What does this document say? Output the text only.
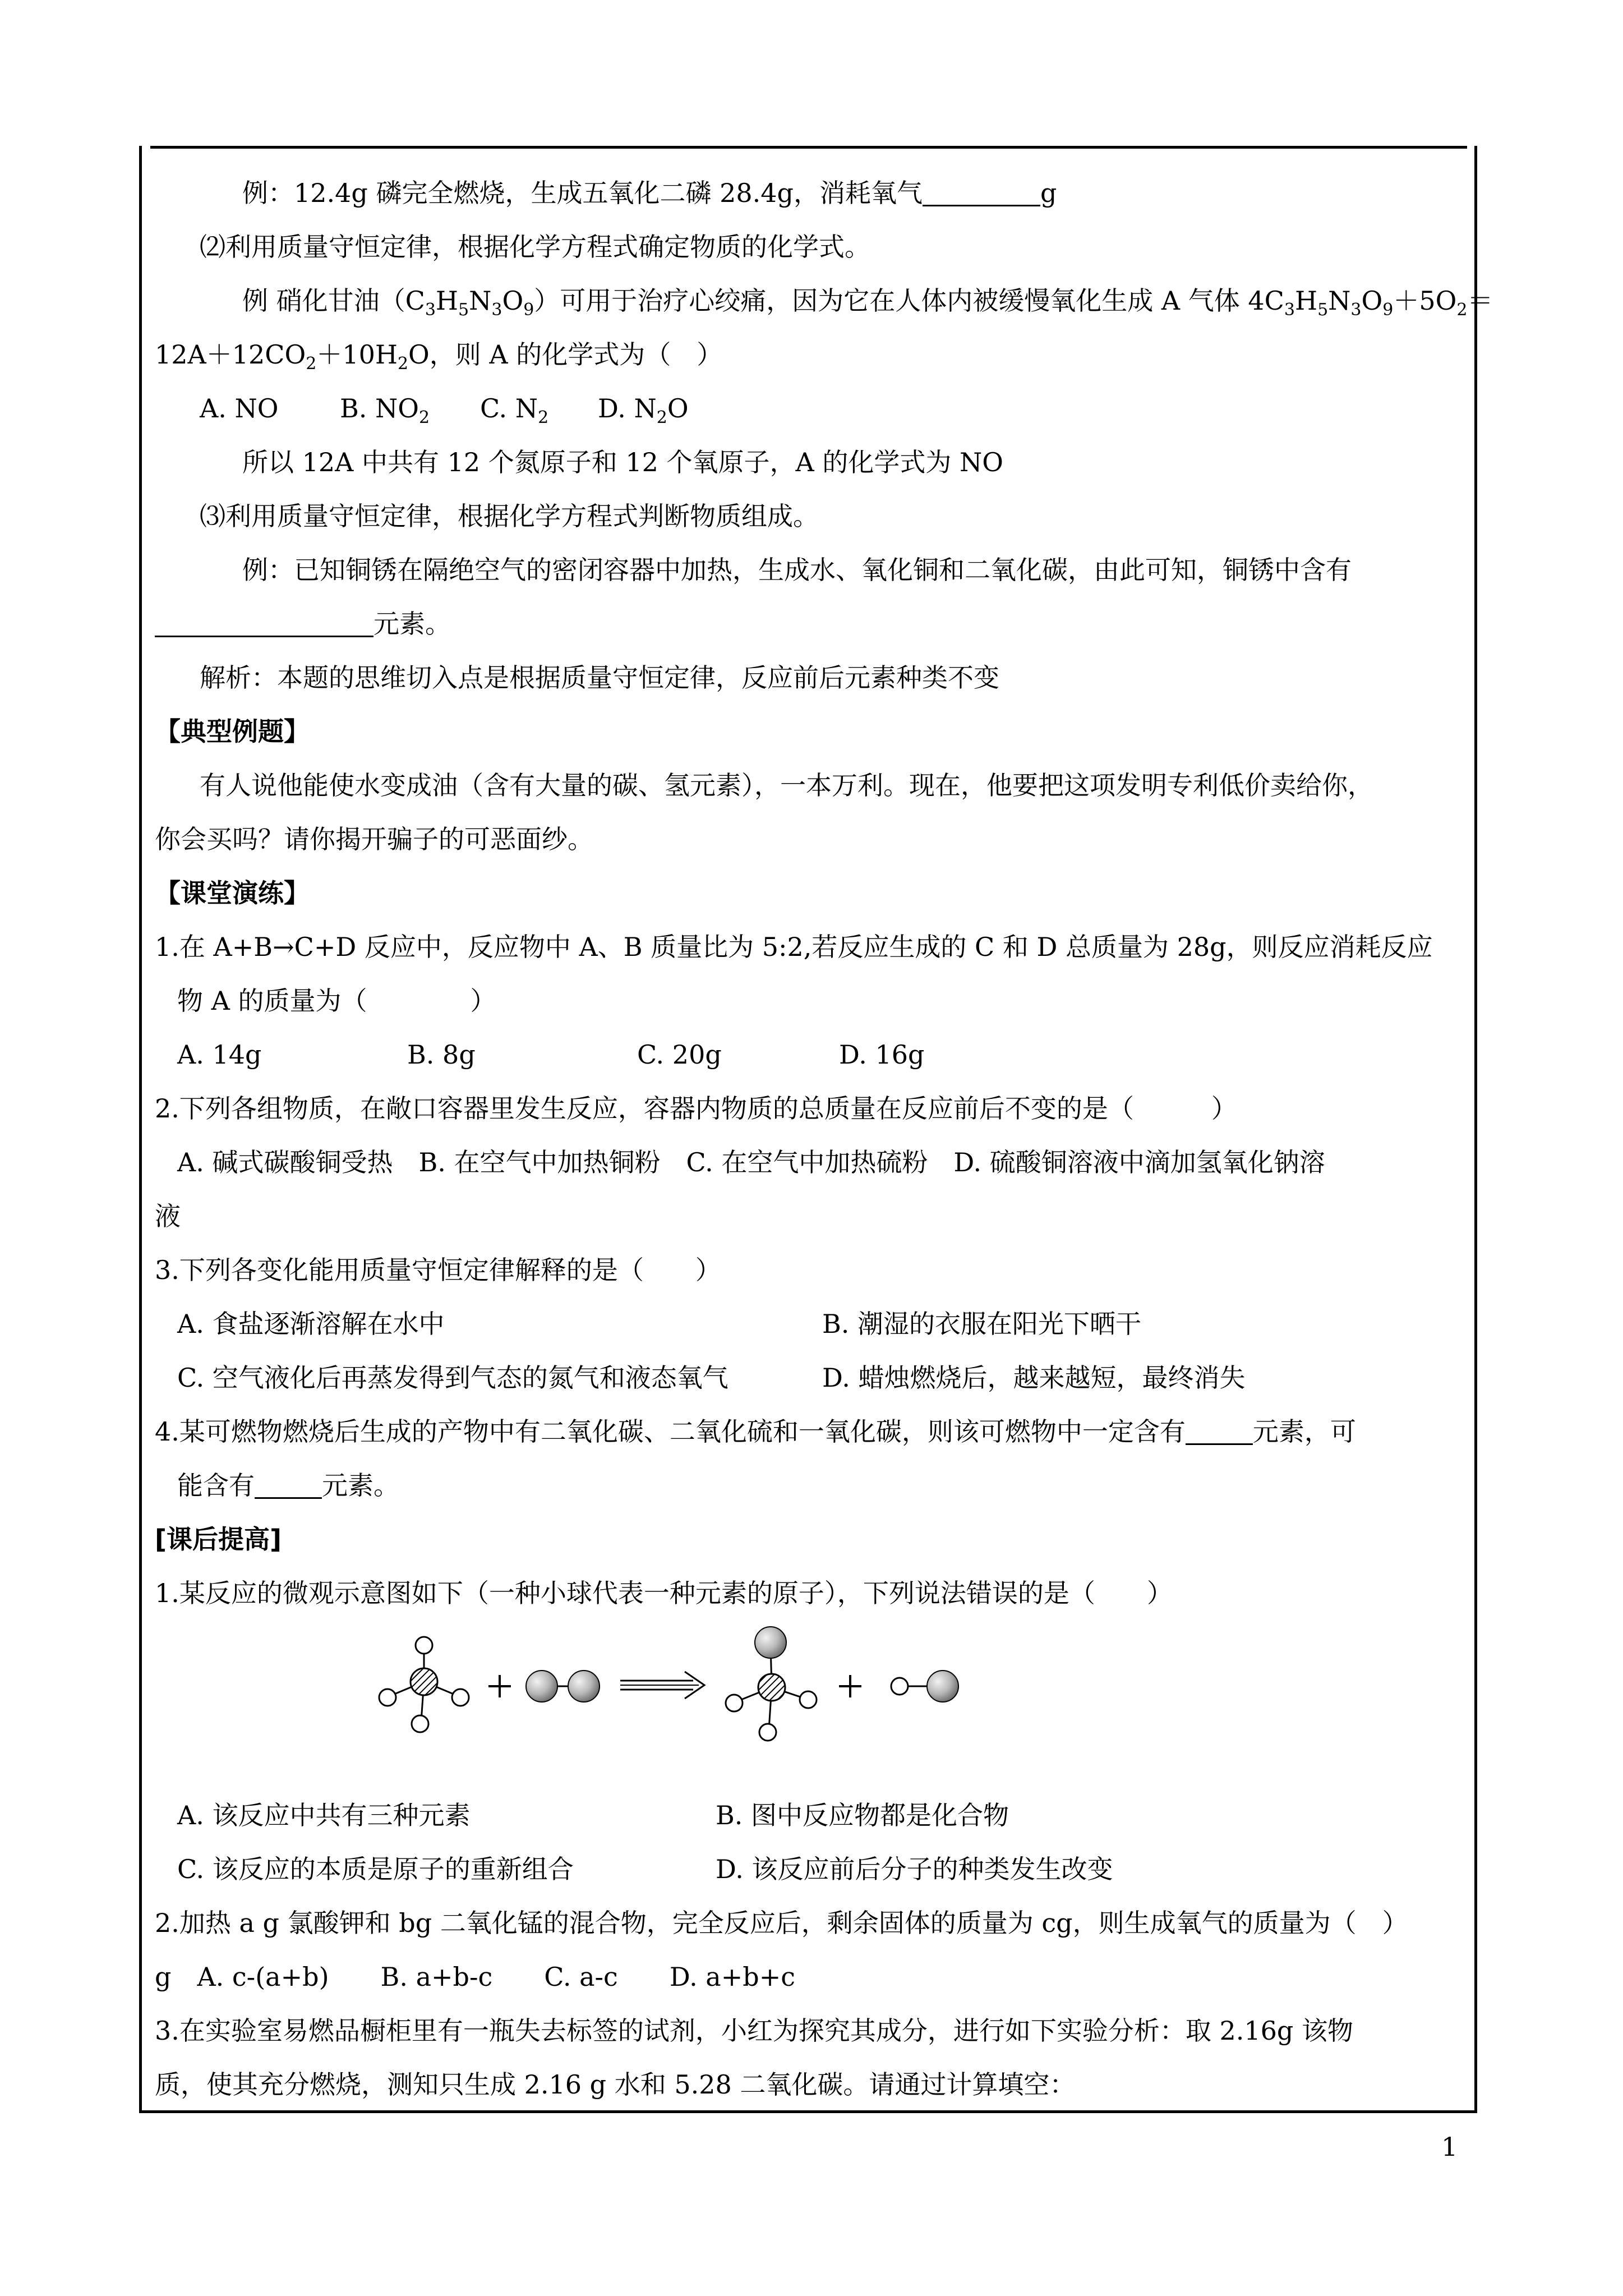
例：12.4g 磷完全燃烧，生成五氧化二磷 28.4g，消耗氧气	g
⑵利用质量守恒定律，根据化学方程式确定物质的化学式。
例 硝化甘油$(C_3H_5N_3O_9)$可用于治疗心绞痛，因为它在人体内被缓慢氧化生成 A 气体 $4C_3H_5N_3O_9+5O_2=$
$12A+12CO_2+10H_2O$，则 A 的化学式为（　）
A. NO B. $NO_2$ C. $N_2$ D. $N_2O$
所以 12A 中共有 12 个氮原子和 12 个氧原子，A 的化学式为 NO
⑶利用质量守恒定律，根据化学方程式判断物质组成。
例：已知铜锈在隔绝空气的密闭容器中加热，生成水、氧化铜和二氧化碳，由此可知，铜锈中含有
元素。
解析：本题的思维切入点是根据质量守恒定律，反应前后元素种类不变
【典型例题】
有人说他能使水变成油（含有大量的碳、氢元素），一本万利。现在，他要把这项发明专利低价卖给你，
你会买吗？请你揭开骗子的可恶面纱。
【课堂演练】
1.在 A+B→C+D 反应中，反应物中 A、B 质量比为 5:2,若反应生成的 C 和 D 总质量为 28g，则反应消耗反应
物 A 的质量为（　　　　）
A. 14g	B. 8g	C. 20g	D. 16g
2.下列各组物质，在敞口容器里发生反应，容器内物质的总质量在反应前后不变的是（　　　）
A. 碱式碳酸铜受热　B. 在空气中加热铜粉　C. 在空气中加热硫粉　D. 硫酸铜溶液中滴加氢氧化钠溶
液
3.下列各变化能用质量守恒定律解释的是（　　）
A. 食盐逐渐溶解在水中	B. 潮湿的衣服在阳光下晒干
C. 空气液化后再蒸发得到气态的氮气和液态氧气	D. 蜡烛燃烧后，越来越短，最终消失
4.某可燃物燃烧后生成的产物中有二氧化碳、二氧化硫和一氧化碳，则该可燃物中一定含有	元素，可
能含有	元素。
[课后提高]
1.某反应的微观示意图如下（一种小球代表一种元素的原子），下列说法错误的是（　　）
A. 该反应中共有三种元素	B. 图中反应物都是化合物
C. 该反应的本质是原子的重新组合	D. 该反应前后分子的种类发生改变
2.加热 a g 氯酸钾和 bg 二氧化锰的混合物，完全反应后，剩余固体的质量为 cg，则生成氧气的质量为（　）
g　A. c-(a+b)　　B. a+b-c　　C. a-c　　D. a+b+c
3.在实验室易燃品橱柜里有一瓶失去标签的试剂，小红为探究其成分，进行如下实验分析：取 2.16g 该物
质，使其充分燃烧，测知只生成 2.16 g 水和 5.28 二氧化碳。请通过计算填空：
1
